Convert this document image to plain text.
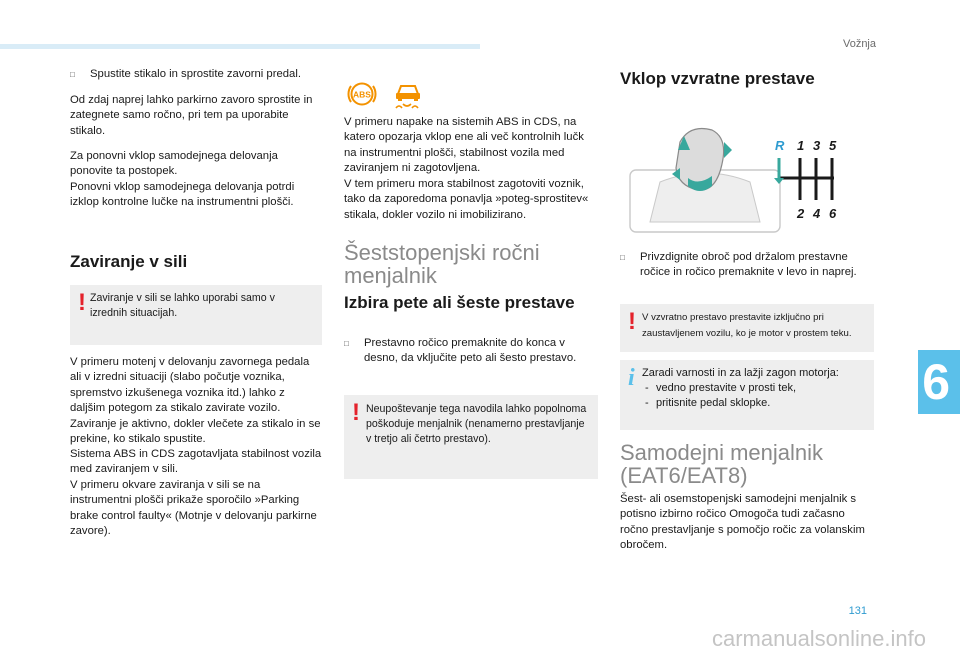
Vožnja
6
□	Spustite stikalo in sprostite zavorni predal.

Od zdaj naprej lahko parkirno zavoro sprostite in zategnete samo ročno, pri tem pa uporabite stikalo.

Za ponovni vklop samodejnega delovanja ponovite ta postopek.

Ponovni vklop samodejnega delovanja potrdi izklop kontrolne lučke na instrumentni plošči.

Zaviranje v sili
! Zaviranje v sili se lahko uporabi samo v izrednih situacijah.

V primeru motenj v delovanju zavornega pedala ali v izredni situaciji (slabo počutje voznika, spremstvo izkušenega voznika itd.) lahko z daljšim potegom za stikalo zavirate vozilo. Zaviranje je aktivno, dokler vlečete za stikalo in se prekine, ko stikalo spustite.

Sistema ABS in CDS zagotavljata stabilnost vozila med zaviranjem v sili.

V primeru okvare zaviranja v sili se na instrumentni plošči prikaže sporočilo »Parking brake control faulty« (Motnje v delovanju parkirne zavore).

ABS

V primeru napake na sistemih ABS in CDS, na katero opozarja vklop ene ali več kontrolnih lučk na instrumentni plošči, stabilnost vozila med zaviranjem ni zagotovljena.

V tem primeru mora stabilnost zagotoviti voznik, tako da zaporedoma ponavlja »poteg-sprostitev« stikala, dokler vozilo ni imobilizirano.

Šeststopenjski ročni
menjalnik
Izbira pete ali šeste prestave
□	Prestavno ročico premaknite do konca v desno, da vključite peto ali šesto prestavo.
! Neupoštevanje tega navodila lahko popolnoma poškoduje menjalnik (nenamerno prestavljanje v tretjo ali četrto prestavo).
Vklop vzvratne prestave
R 1 3 5
2 4 6
□	Privzdignite obroč pod držalom prestavne ročice in ročico premaknite v levo in naprej.
! V vzvratno prestavo prestavite izključno pri zaustavljenem vozilu, ko je motor v prostem teku.
i Zaradi varnosti in za lažji zagon motorja:
- vedno prestavite v prosti tek,
- pritisnite pedal sklopke.
Samodejni menjalnik
(EAT6/EAT8)

Šest- ali osemstopenjski samodejni menjalnik s potisno izbirno ročico Omogoča tudi začasno ročno prestavljanje s pomočjo ročic za volanskim obročem.

131
carmanualsonline.info
